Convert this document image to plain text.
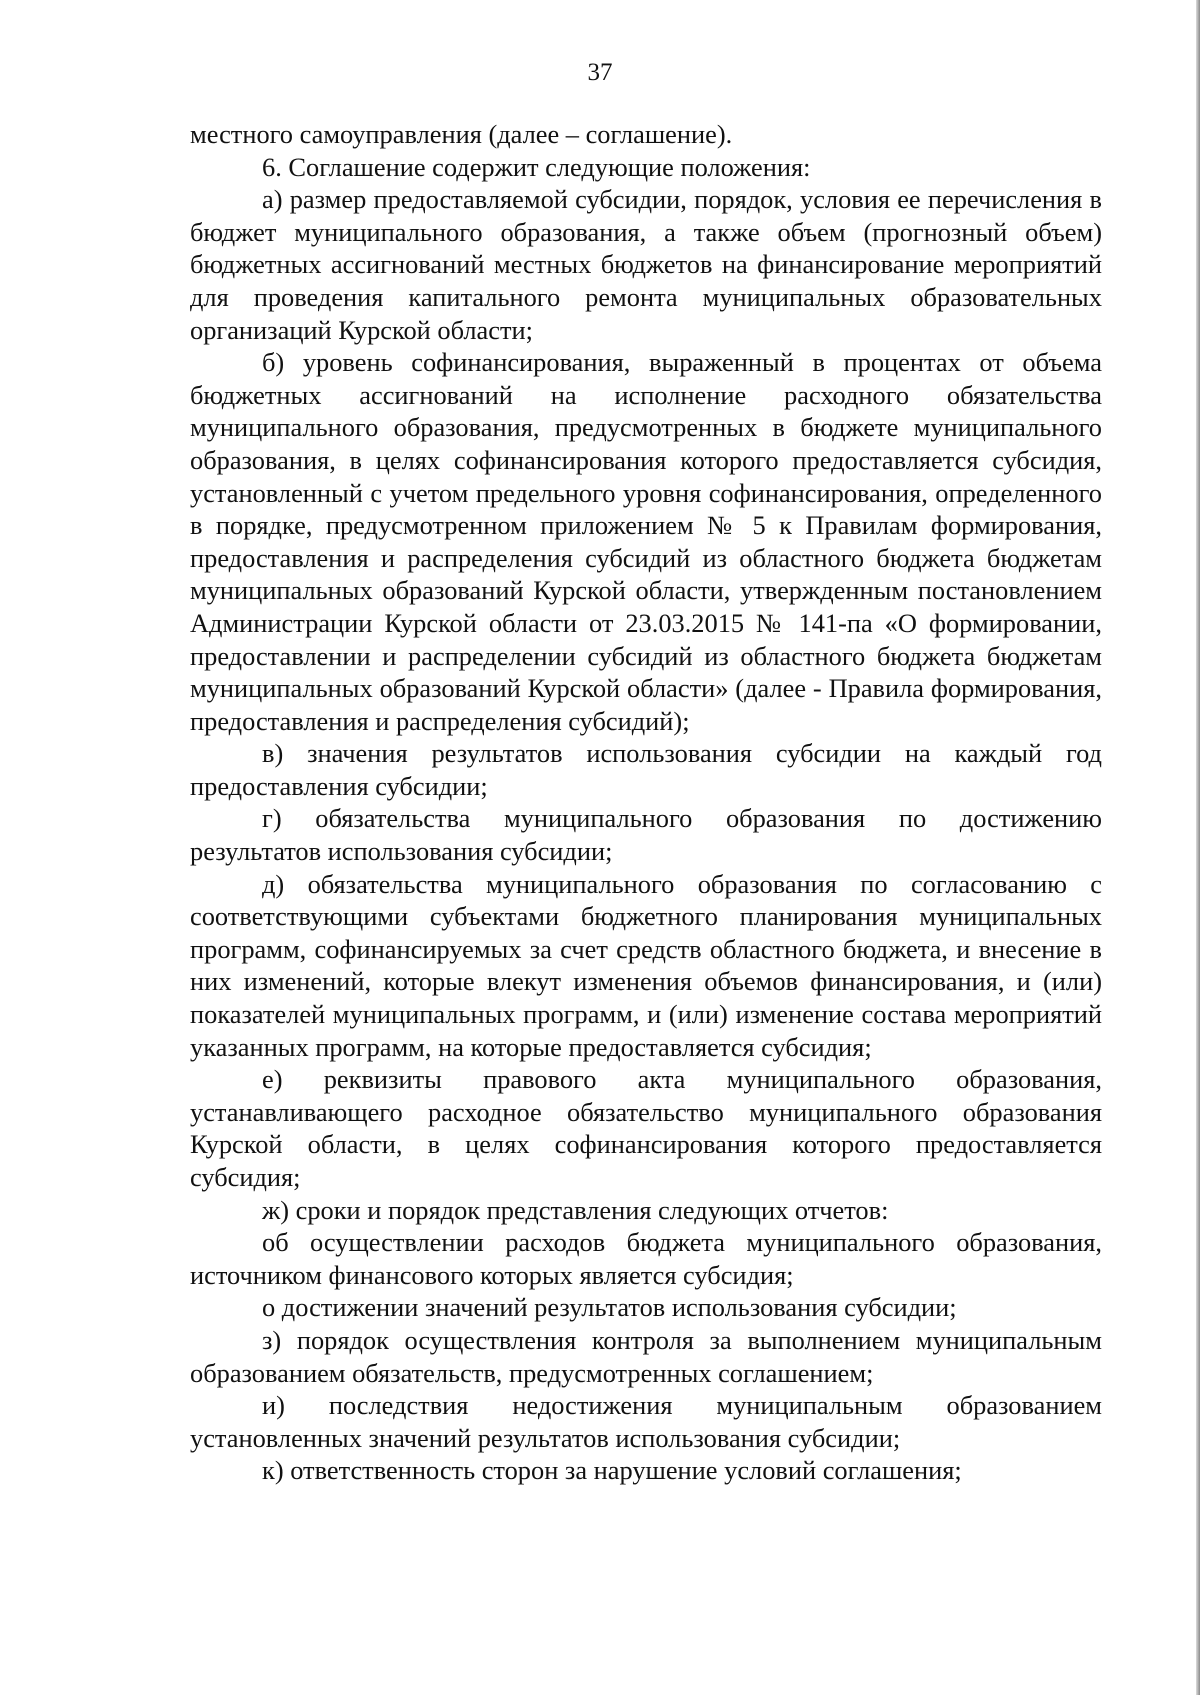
37

местного самоуправления (далее – соглашение).

6. Соглашение содержит следующие положения:

а) размер предоставляемой субсидии, порядок, условия ее перечисления в бюджет муниципального образования, а также объем (прогнозный объем) бюджетных ассигнований местных бюджетов на финансирование мероприятий для проведения капитального ремонта муниципальных образовательных организаций Курской области;

б) уровень софинансирования, выраженный в процентах от объема бюджетных ассигнований на исполнение расходного обязательства муниципального образования, предусмотренных в бюджете муниципального образования, в целях софинансирования которого предоставляется субсидия, установленный с учетом предельного уровня софинансирования, определенного в порядке, предусмотренном приложением № 5 к Правилам формирования, предоставления и распределения субсидий из областного бюджета бюджетам муниципальных образований Курской области, утвержденным постановлением Администрации Курской области от 23.03.2015 № 141-па «О формировании, предоставлении и распределении субсидий из областного бюджета бюджетам муниципальных образований Курской области» (далее - Правила формирования, предоставления и распределения субсидий);

в) значения результатов использования субсидии на каждый год предоставления субсидии;

г) обязательства муниципального образования по достижению результатов использования субсидии;

д) обязательства муниципального образования по согласованию с соответствующими субъектами бюджетного планирования муниципальных программ, софинансируемых за счет средств областного бюджета, и внесение в них изменений, которые влекут изменения объемов финансирования, и (или) показателей муниципальных программ, и (или) изменение состава мероприятий указанных программ, на которые предоставляется субсидия;

е) реквизиты правового акта муниципального образования, устанавливающего расходное обязательство муниципального образования Курской области, в целях софинансирования которого предоставляется субсидия;

ж) сроки и порядок представления следующих отчетов:

об осуществлении расходов бюджета муниципального образования, источником финансового которых является субсидия;

о достижении значений результатов использования субсидии;

з) порядок осуществления контроля за выполнением муниципальным образованием обязательств, предусмотренных соглашением;

и) последствия недостижения муниципальным образованием установленных значений результатов использования субсидии;

к) ответственность сторон за нарушение условий соглашения;
